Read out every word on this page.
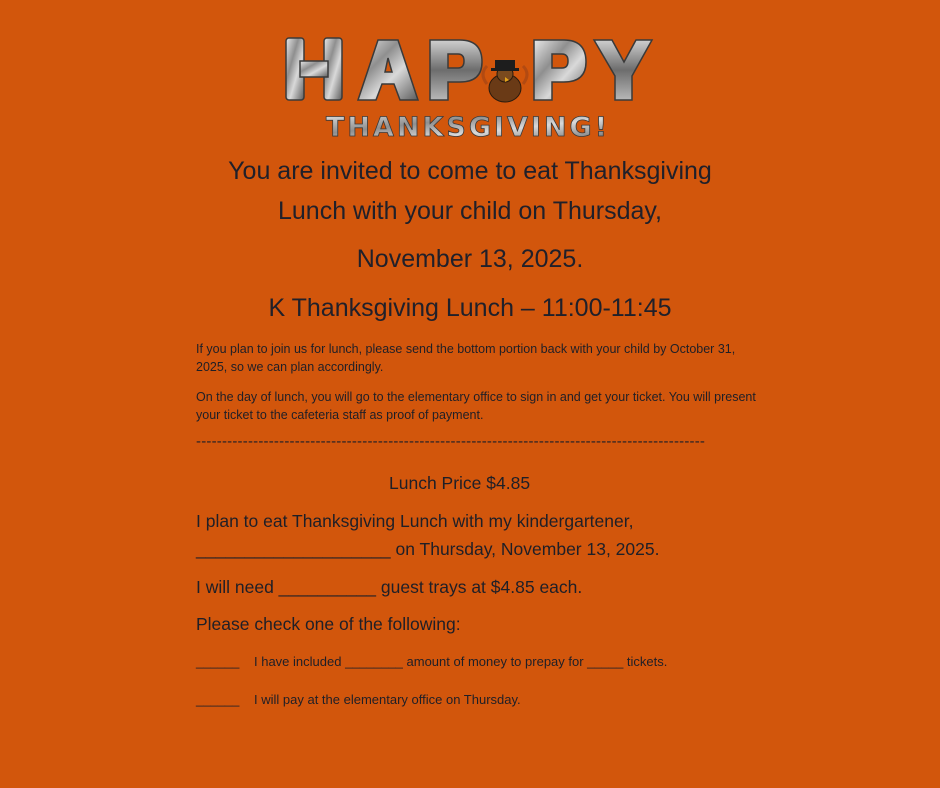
THANKSGIVING!
You are invited to come to eat Thanksgiving
Lunch with your child on Thursday,
November 13, 2025.
K Thanksgiving Lunch – 11:00-11:45
If you plan to join us for lunch, please send the bottom portion back with your child by October 31, 2025, so we can plan accordingly.
On the day of lunch, you will go to the elementary office to sign in and get your ticket. You will present your ticket to the cafeteria staff as proof of payment.
--------------------------------------------------------------------------------------------------
Lunch Price $4.85
I plan to eat Thanksgiving Lunch with my kindergartener,
____________________ on Thursday, November 13, 2025.
I will need __________ guest trays at $4.85 each.
Please check one of the following:
______ I have included ________ amount of money to prepay for _____ tickets.
______ I will pay at the elementary office on Thursday.
